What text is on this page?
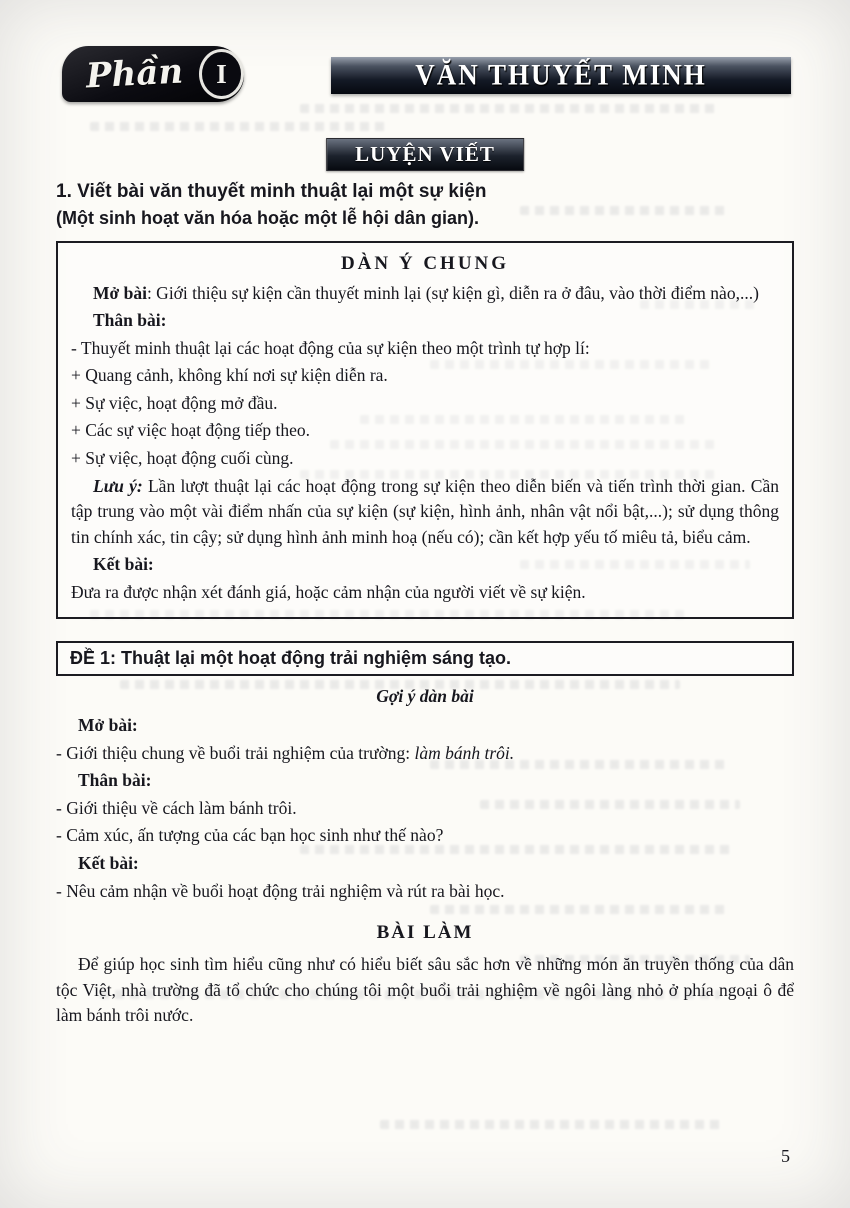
Phần I	VĂN THUYẾT MINH
LUYỆN VIẾT
1. Viết bài văn thuyết minh thuật lại một sự kiện
(Một sinh hoạt văn hóa hoặc một lễ hội dân gian).
DÀN Ý CHUNG

Mở bài: Giới thiệu sự kiện cần thuyết minh lại (sự kiện gì, diễn ra ở đâu, vào thời điểm nào,...)

Thân bài:

- Thuyết minh thuật lại các hoạt động của sự kiện theo một trình tự hợp lí:

+ Quang cảnh, không khí nơi sự kiện diễn ra.

+ Sự việc, hoạt động mở đầu.

+ Các sự việc hoạt động tiếp theo.

+ Sự việc, hoạt động cuối cùng.

Lưu ý: Lần lượt thuật lại các hoạt động trong sự kiện theo diễn biến và tiến trình thời gian. Cần tập trung vào một vài điểm nhấn của sự kiện (sự kiện, hình ảnh, nhân vật nổi bật,...); sử dụng thông tin chính xác, tin cậy; sử dụng hình ảnh minh hoạ (nếu có); cần kết hợp yếu tố miêu tả, biểu cảm.

Kết bài:

Đưa ra được nhận xét đánh giá, hoặc cảm nhận của người viết về sự kiện.

ĐỀ 1: Thuật lại một hoạt động trải nghiệm sáng tạo.
Gợi ý dàn bài

Mở bài:

- Giới thiệu chung về buổi trải nghiệm của trường: làm bánh trôi.

Thân bài:

- Giới thiệu về cách làm bánh trôi.

- Cảm xúc, ấn tượng của các bạn học sinh như thế nào?

Kết bài:

- Nêu cảm nhận về buổi hoạt động trải nghiệm và rút ra bài học.

BÀI LÀM

Để giúp học sinh tìm hiểu cũng như có hiểu biết sâu sắc hơn về những món ăn truyền thống của dân tộc Việt, nhà trường đã tổ chức cho chúng tôi một buổi trải nghiệm về ngôi làng nhỏ ở phía ngoại ô để làm bánh trôi nước.

5
